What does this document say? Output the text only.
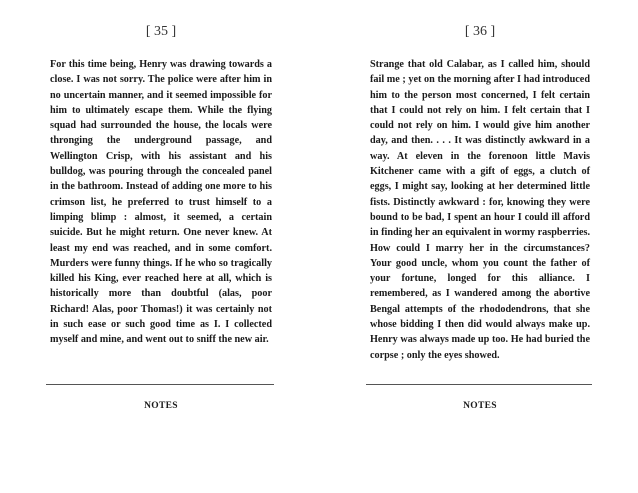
[ 35 ]
For this time being, Henry was drawing towards a close. I was not sorry. The police were after him in no uncertain manner, and it seemed impossible for him to ultimately escape them. While the flying squad had surrounded the house, the locals were thronging the underground passage, and Wellington Crisp, with his assistant and his bulldog, was pouring through the concealed panel in the bathroom. Instead of adding one more to his crimson list, he preferred to trust himself to a limping blimp : almost, it seemed, a certain suicide. But he might return. One never knew. At least my end was reached, and in some comfort. Murders were funny things. If he who so tragically killed his King, ever reached here at all, which is historically more than doubtful (alas, poor Richard! Alas, poor Thomas!) it was certainly not in such ease or such good time as I. I collected myself and mine, and went out to sniff the new air.
NOTES
[ 36 ]
Strange that old Calabar, as I called him, should fail me ; yet on the morning after I had introduced him to the person most concerned, I felt certain that I could not rely on him. I felt certain that I could not rely on him. I would give him another day, and then. . . . It was distinctly awkward in a way. At eleven in the forenoon little Mavis Kitchener came with a gift of eggs, a clutch of eggs, I might say, looking at her determined little fists. Distinctly awkward : for, knowing they were bound to be bad, I spent an hour I could ill afford in finding her an equivalent in wormy raspberries. How could I marry her in the circumstances? Your good uncle, whom you count the father of your fortune, longed for this alliance. I remembered, as I wandered among the abortive Bengal attempts of the rhododendrons, that she whose bidding I then did would always make up. Henry was always made up too. He had buried the corpse ; only the eyes showed.
NOTES
